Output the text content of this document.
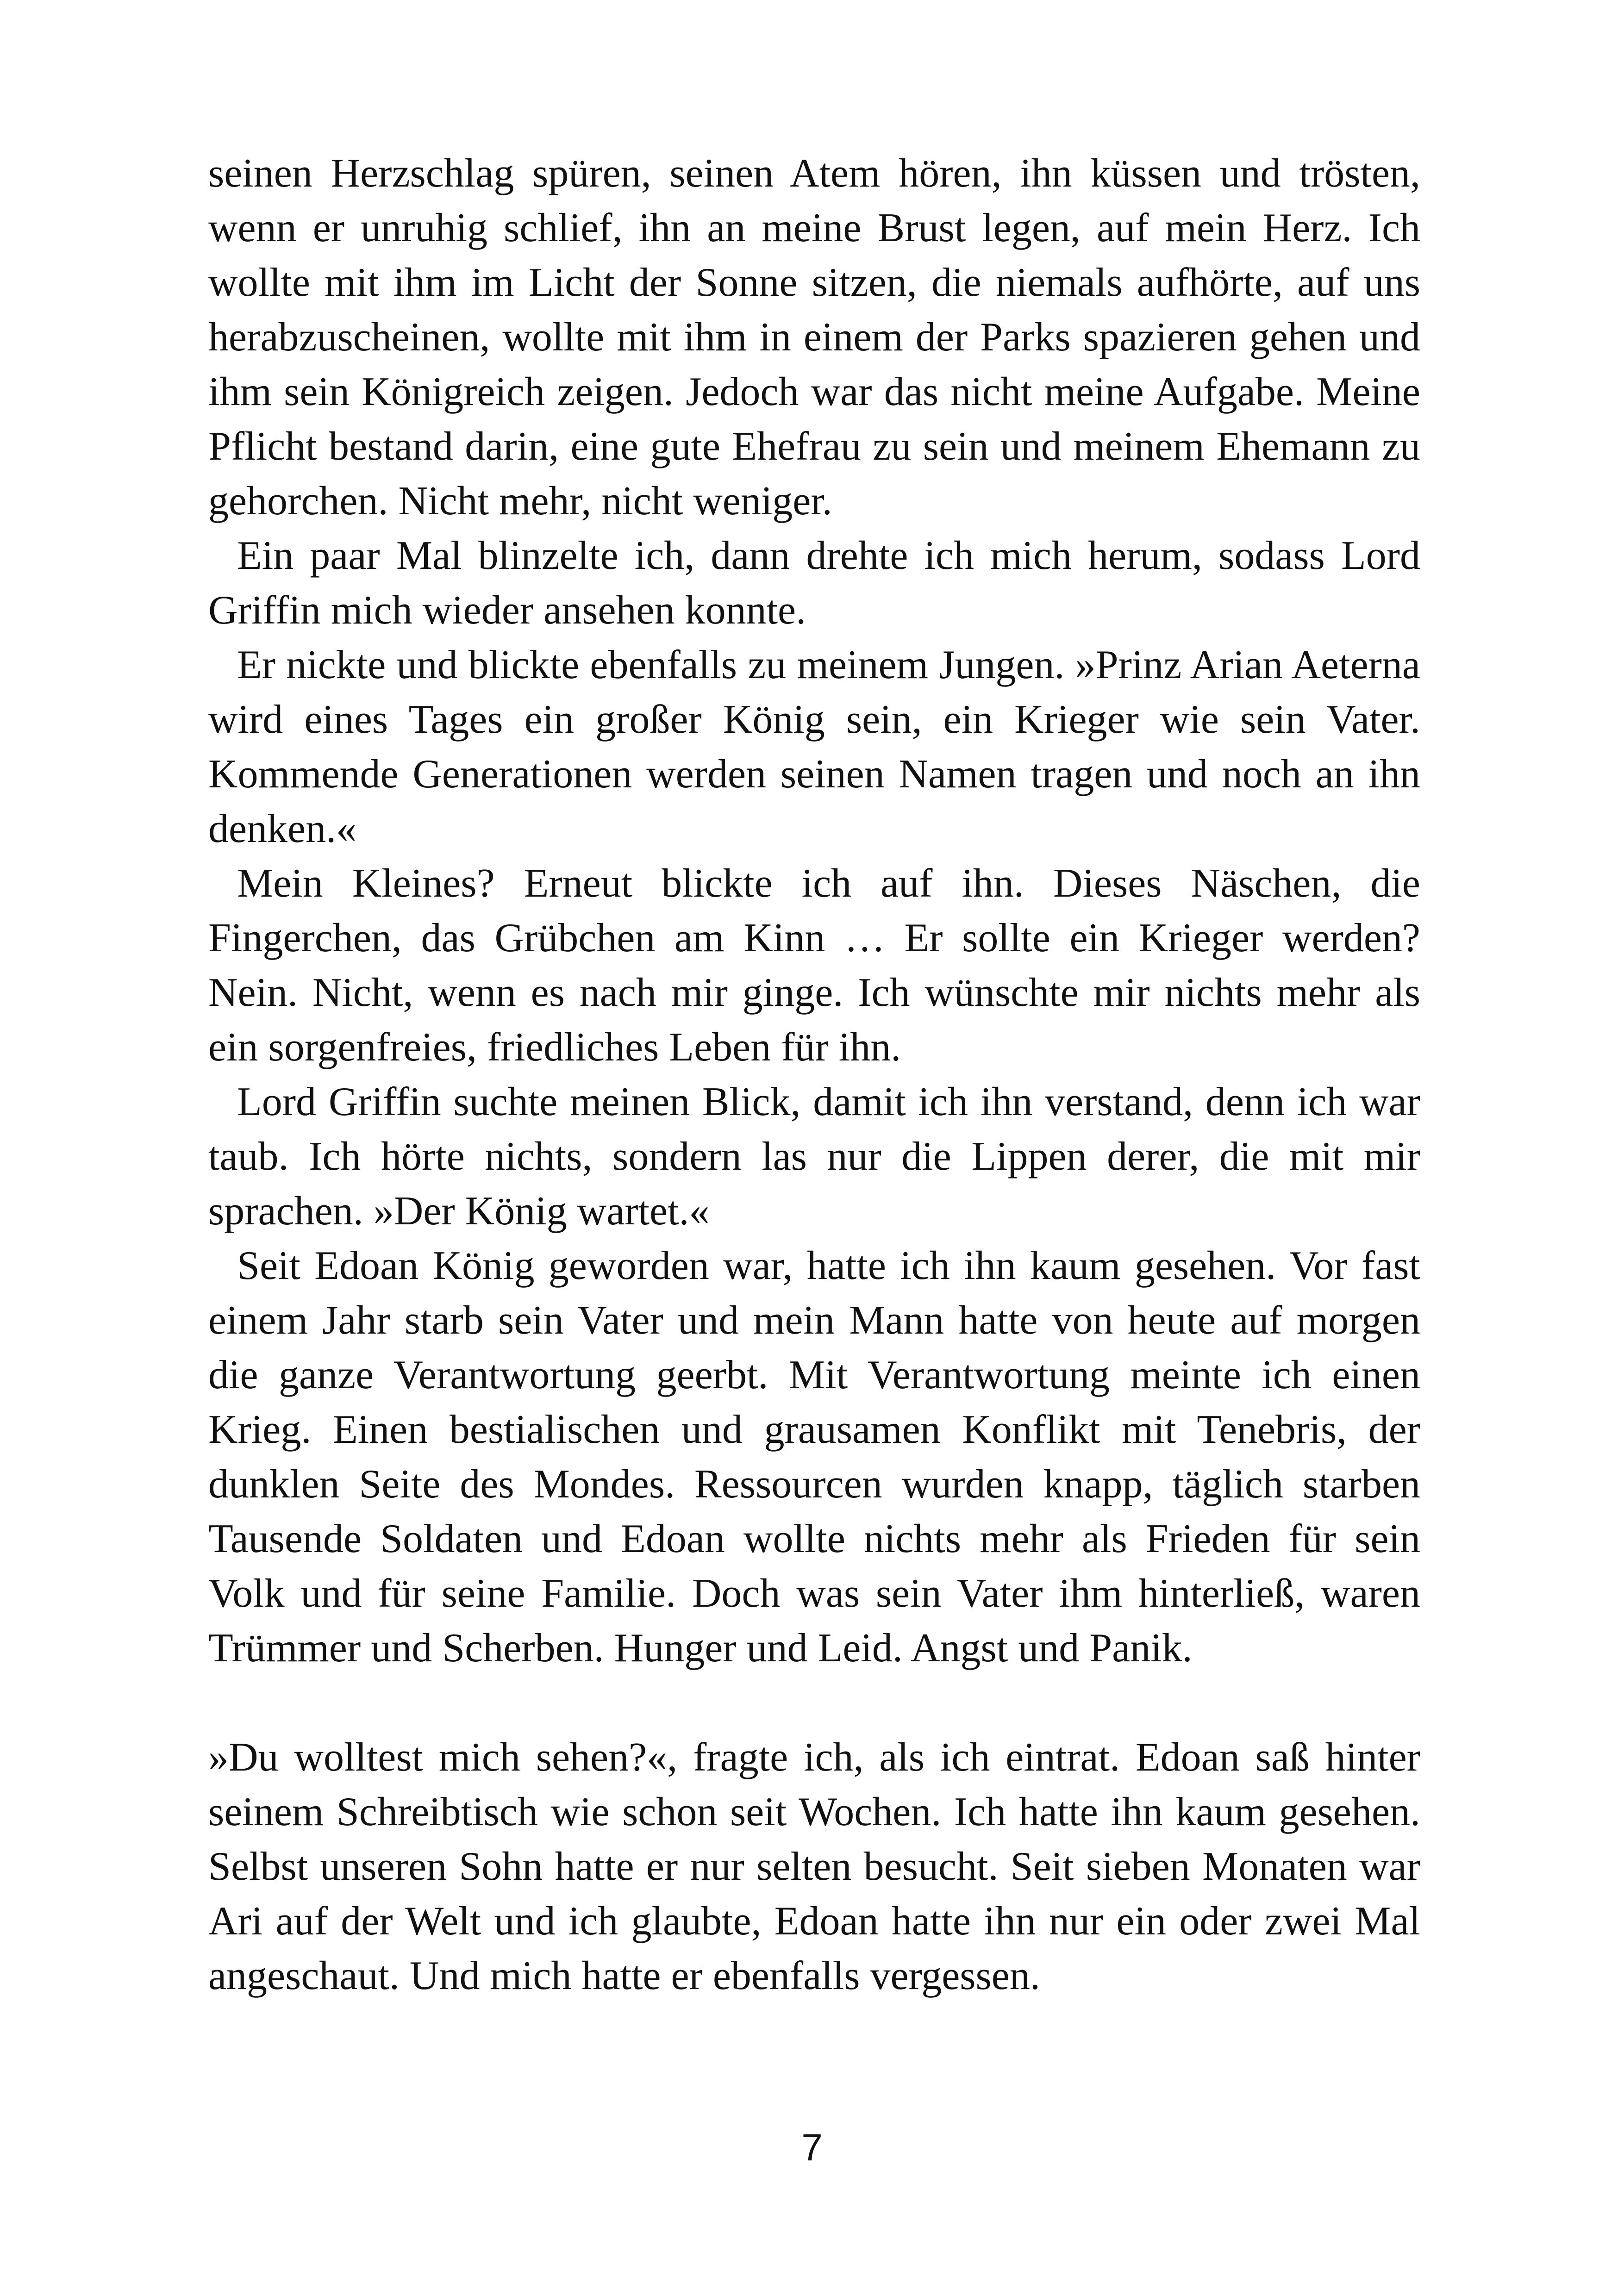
seinen Herzschlag spüren, seinen Atem hören, ihn küssen und trösten, wenn er unruhig schlief, ihn an meine Brust legen, auf mein Herz. Ich wollte mit ihm im Licht der Sonne sitzen, die niemals aufhörte, auf uns herabzuscheinen, wollte mit ihm in einem der Parks spazieren gehen und ihm sein Königreich zeigen. Jedoch war das nicht meine Aufgabe. Meine Pflicht bestand darin, eine gute Ehefrau zu sein und meinem Ehemann zu gehorchen. Nicht mehr, nicht weniger.

Ein paar Mal blinzelte ich, dann drehte ich mich herum, sodass Lord Griffin mich wieder ansehen konnte.

Er nickte und blickte ebenfalls zu meinem Jungen. »Prinz Arian Aeterna wird eines Tages ein großer König sein, ein Krieger wie sein Vater. Kommende Generationen werden seinen Namen tragen und noch an ihn denken.«

Mein Kleines? Erneut blickte ich auf ihn. Dieses Näschen, die Fingerchen, das Grübchen am Kinn … Er sollte ein Krieger werden? Nein. Nicht, wenn es nach mir ginge. Ich wünschte mir nichts mehr als ein sorgenfreies, friedliches Leben für ihn.

Lord Griffin suchte meinen Blick, damit ich ihn verstand, denn ich war taub. Ich hörte nichts, sondern las nur die Lippen derer, die mit mir sprachen. »Der König wartet.«

Seit Edoan König geworden war, hatte ich ihn kaum gesehen. Vor fast einem Jahr starb sein Vater und mein Mann hatte von heute auf morgen die ganze Verantwortung geerbt. Mit Verantwortung meinte ich einen Krieg. Einen bestialischen und grausamen Konflikt mit Tenebris, der dunklen Seite des Mondes. Ressourcen wurden knapp, täglich starben Tausende Soldaten und Edoan wollte nichts mehr als Frieden für sein Volk und für seine Familie. Doch was sein Vater ihm hinterließ, waren Trümmer und Scherben. Hunger und Leid. Angst und Panik.

»Du wolltest mich sehen?«, fragte ich, als ich eintrat. Edoan saß hinter seinem Schreibtisch wie schon seit Wochen. Ich hatte ihn kaum gesehen. Selbst unseren Sohn hatte er nur selten besucht. Seit sieben Monaten war Ari auf der Welt und ich glaubte, Edoan hatte ihn nur ein oder zwei Mal angeschaut. Und mich hatte er ebenfalls vergessen.

7
